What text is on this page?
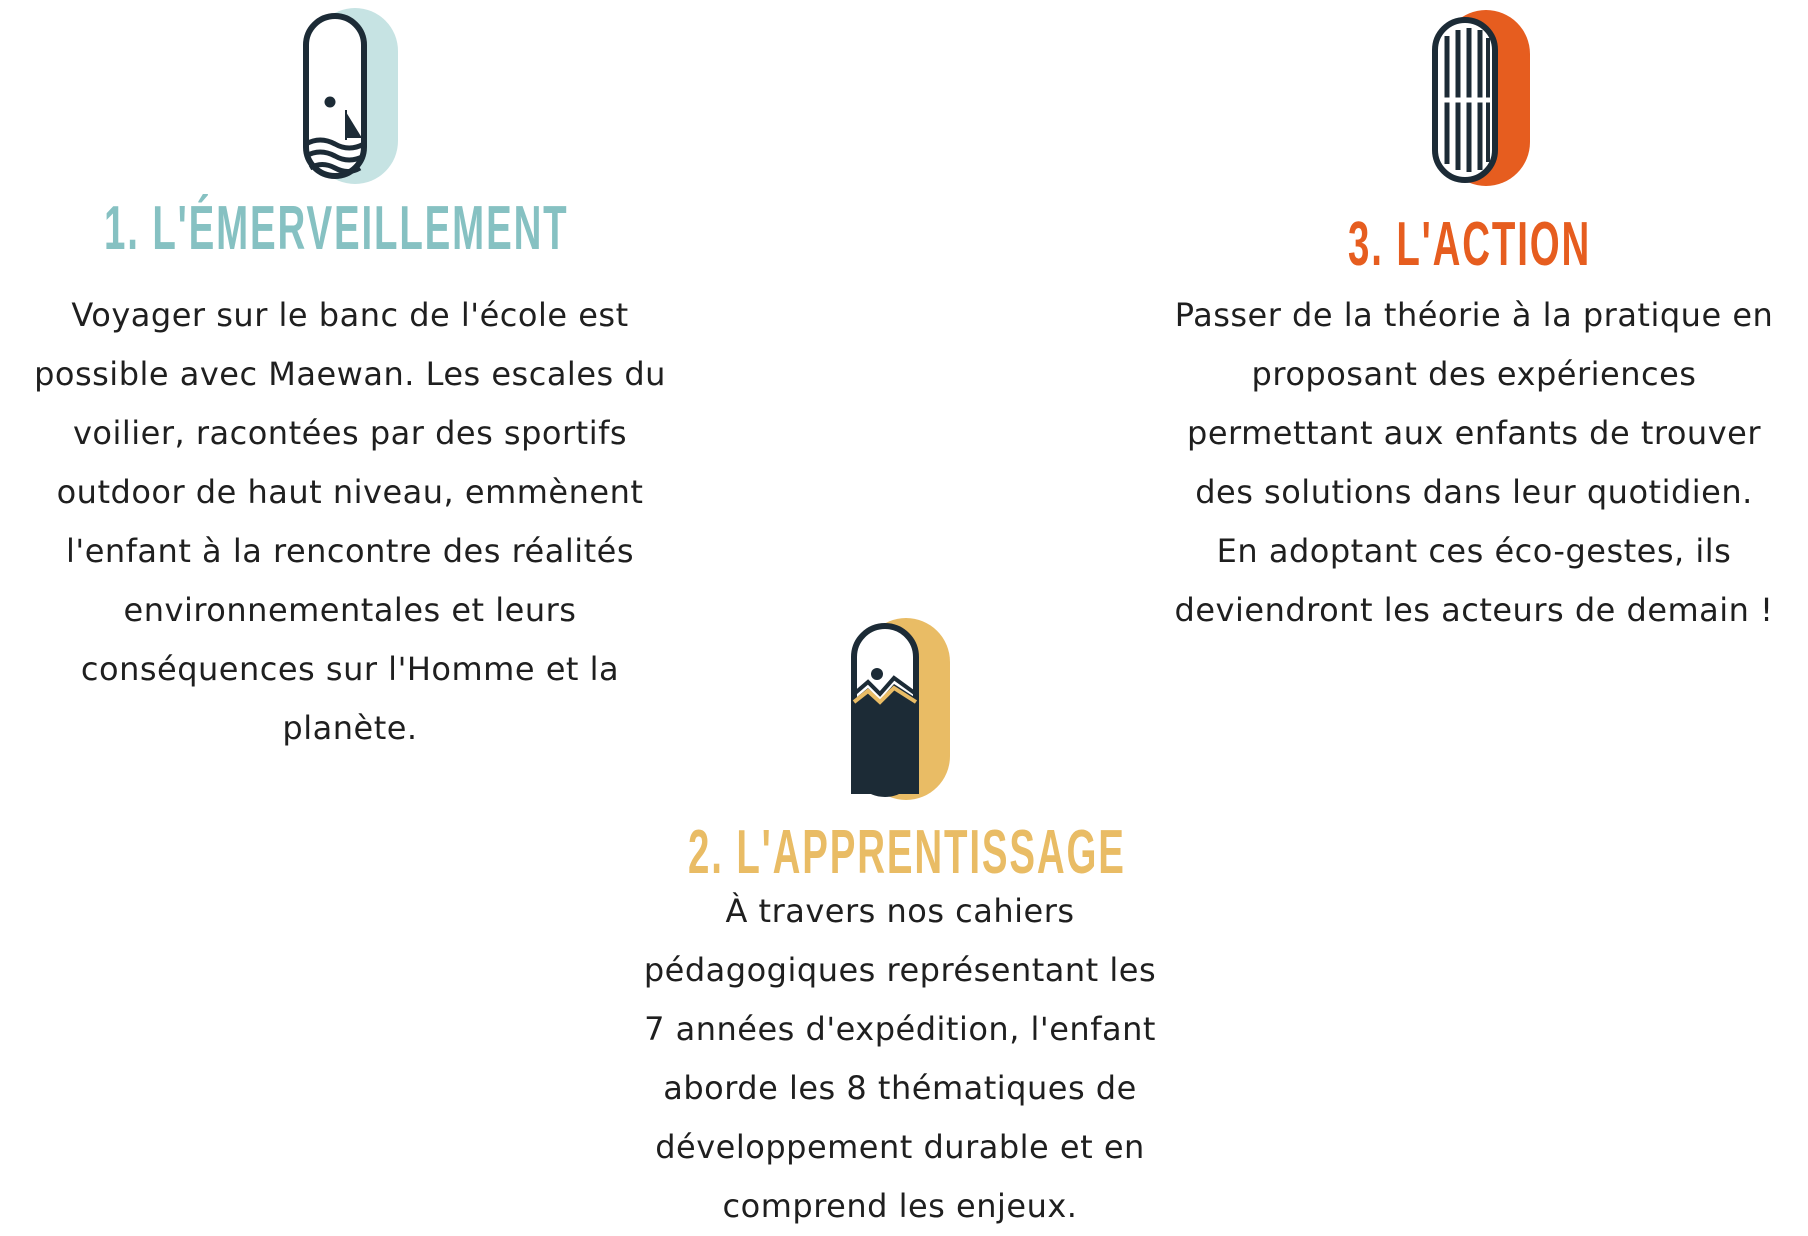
1. L'ÉMERVEILLEMENT
Voyager sur le banc de l'école est
possible avec Maewan. Les escales du
voilier, racontées par des sportifs
outdoor de haut niveau, emmènent
l'enfant à la rencontre des réalités
environnementales et leurs
conséquences sur l'Homme et la
planète.
3. L'ACTION
Passer de la théorie à la pratique en
proposant des expériences
permettant aux enfants de trouver
des solutions dans leur quotidien.
En adoptant ces éco-gestes, ils
deviendront les acteurs de demain !
2. L'APPRENTISSAGE
À travers nos cahiers
pédagogiques représentant les
7 années d'expédition, l'enfant
aborde les 8 thématiques de
développement durable et en
comprend les enjeux.
